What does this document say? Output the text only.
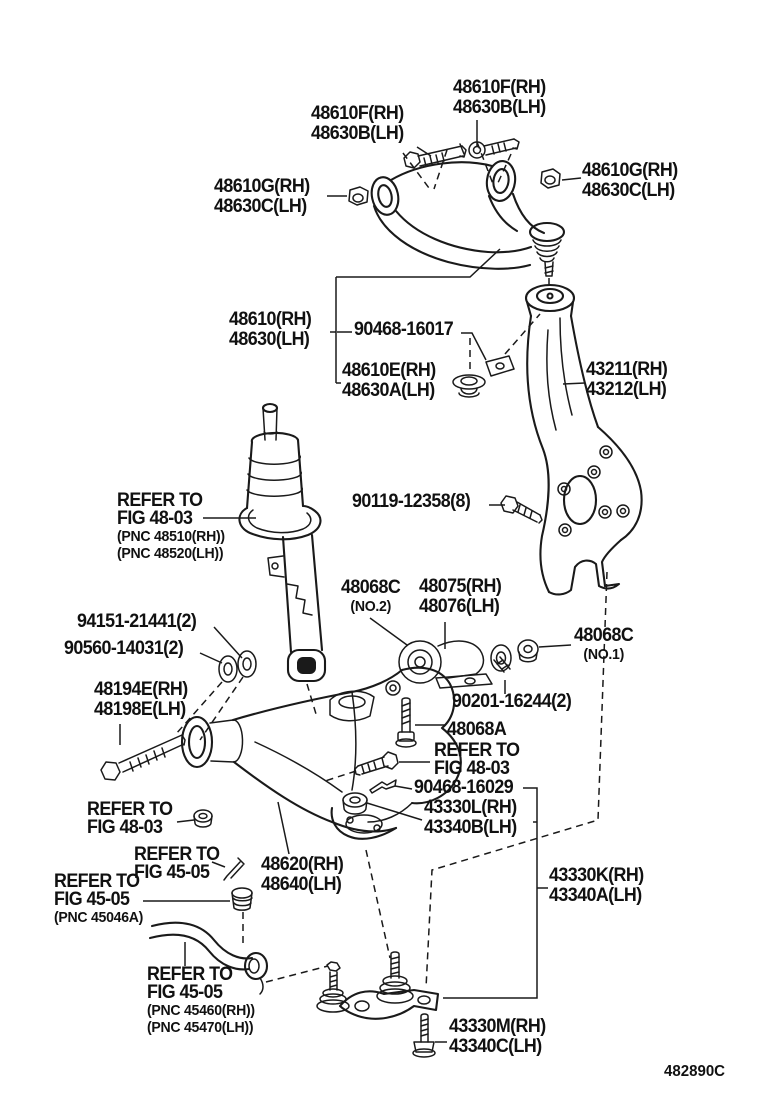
48610F(RH)
48630B(LH)
48610F(RH)
48630B(LH)
48610G(RH)
48630C(LH)
48610G(RH)
48630C(LH)
48610(RH)
48630(LH) 90468-16017
48610E(RH)
48630A(LH)
43211(RH)
43212(LH)
REFER TO
FIG 48-03
(PNC 48510(RH))
(PNC 48520(LH))
90119-12358(8)
94151-21441(2)
90560-14031(2)
48194E(RH)
48198E(LH)
48068C
(NO.2)
48075(RH)
48076(LH)
48068C
(NO.1)
90201-16244(2)
48068A
REFER TO
FIG 48-03
90468-16029
43330L(RH)
43340B(LH)
43330K(RH)
43340A(LH)
REFER TO
FIG 48-03
REFER TO
FIG 45-05
REFER TO
FIG 45-05
(PNC 45046A)
48620(RH)
48640(LH)
REFER TO
FIG 45-05
(PNC 45460(RH))
(PNC 45470(LH))	43330M(RH)
43340C(LH)
482890C
